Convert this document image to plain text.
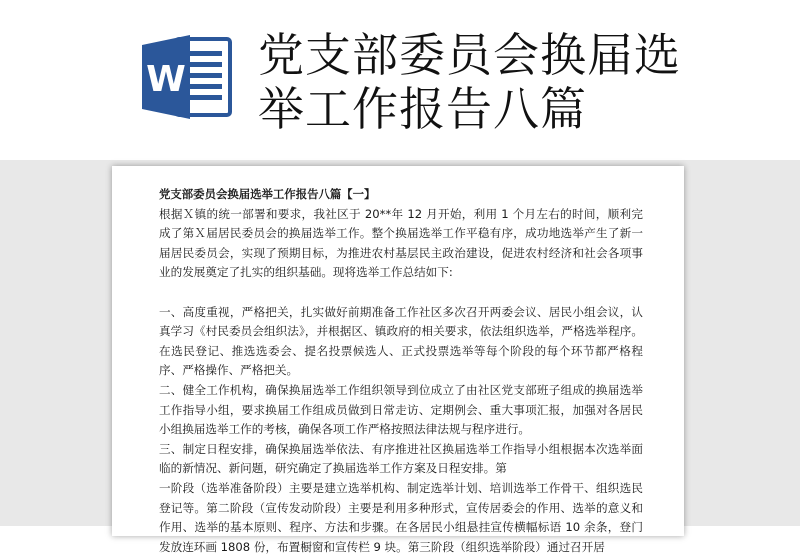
W 党支部委员会换届选
举工作报告八篇
党支部委员会换届选举工作报告八篇【一】

根据Ｘ镇的统一部署和要求，我社区于 20**年 12 月开始，利用 1 个月左右的时间，顺利完成了第Ｘ届居民委员会的换届选举工作。整个换届选举工作平稳有序，成功地选举产生了新一届居民委员会，实现了预期目标，为推进农村基层民主政治建设，促进农村经济和社会各项事业的发展奠定了扎实的组织基础。现将选举工作总结如下:

一、高度重视，严格把关，扎实做好前期准备工作社区多次召开两委会议、居民小组会议，认真学习《村民委员会组织法》，并根据区、镇政府的相关要求，依法组织选举，严格选举程序。在选民登记、推选选委会、提名投票候选人、正式投票选举等每个阶段的每个环节都严格程序、严格操作、严格把关。

二、健全工作机构，确保换届选举工作组织领导到位成立了由社区党支部班子组成的换届选举工作指导小组，要求换届工作组成员做到日常走访、定期例会、重大事项汇报，加强对各居民小组换届选举工作的考核，确保各项工作严格按照法律法规与程序进行。

三、制定日程安排，确保换届选举依法、有序推进社区换届选举工作指导小组根据本次选举面临的新情况、新问题，研究确定了换届选举工作方案及日程安排。第

一阶段（选举准备阶段）主要是建立选举机构、制定选举计划、培训选举工作骨干、组织选民登记等。第二阶段（宣传发动阶段）主要是利用多种形式，宣传居委会的作用、选举的意义和作用、选举的基本原则、程序、方法和步骤。在各居民小组悬挂宣传横幅标语 10 余条，登门发放连环画 1808 份，布置橱窗和宣传栏 9 块。第三阶段（组织选举阶段）通过召开居
